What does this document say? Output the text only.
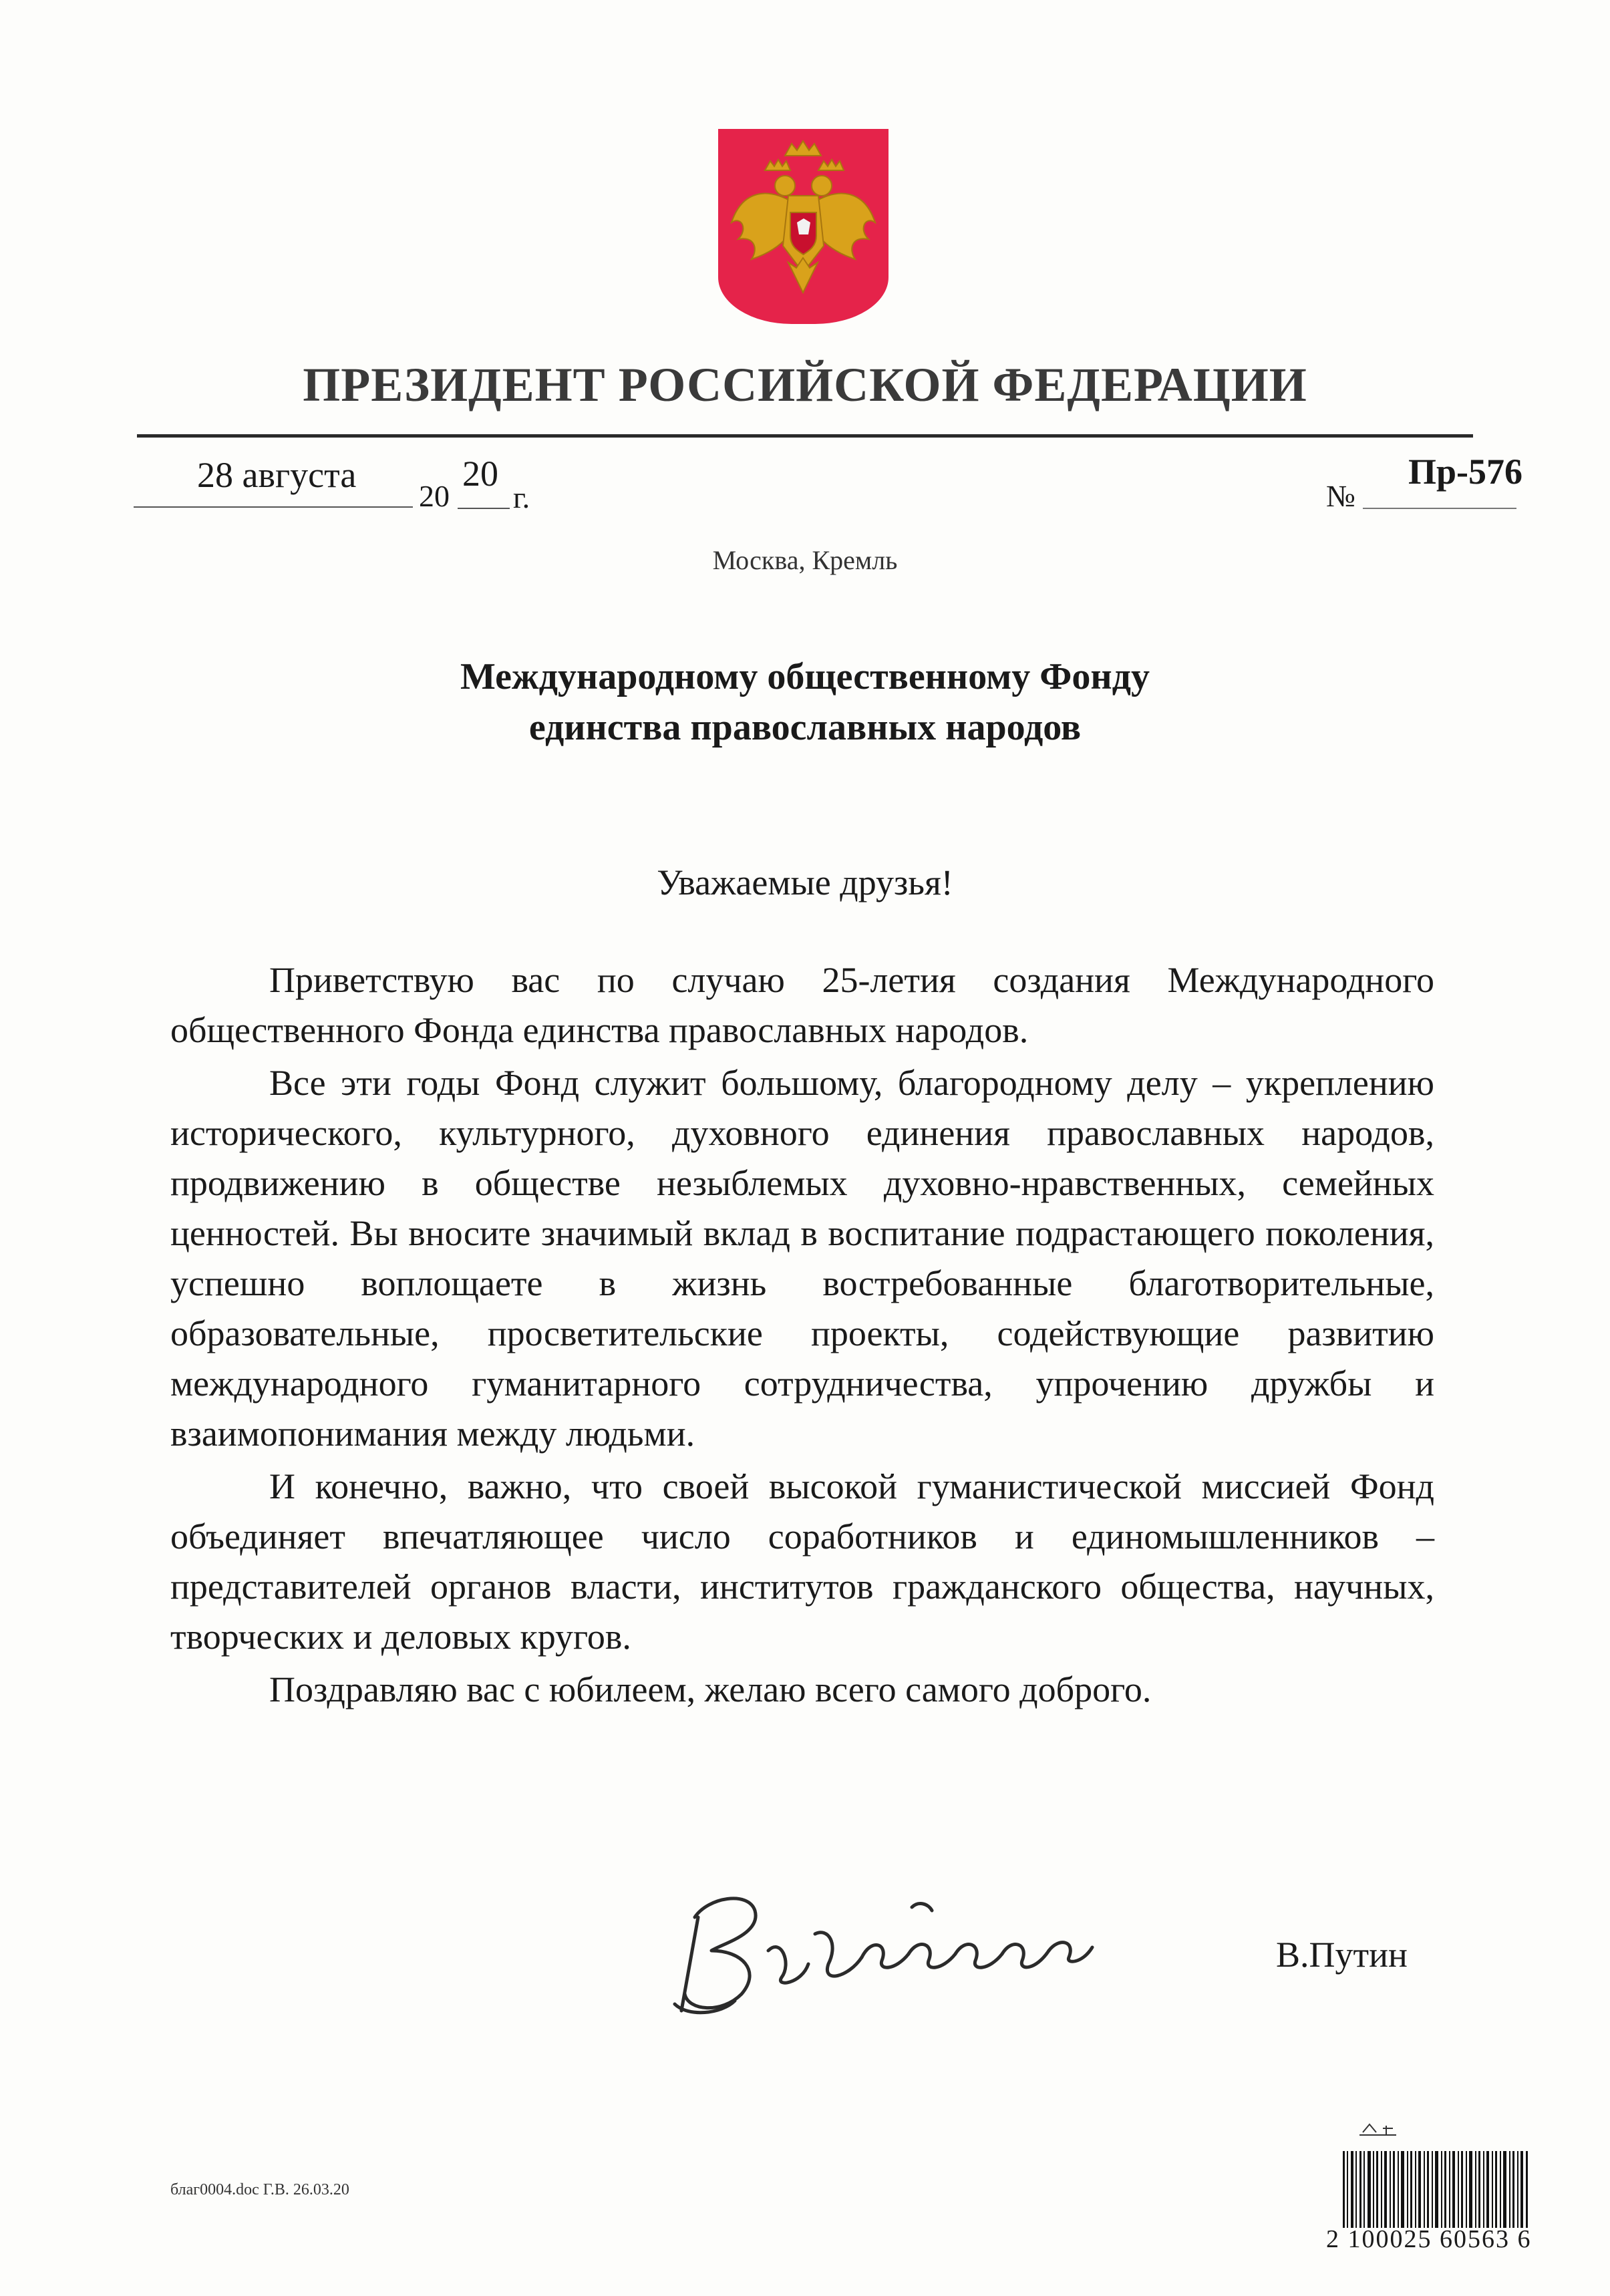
ПРЕЗИДЕНТ РОССИЙСКОЙ ФЕДЕРАЦИИ
28 августа
20
20
г.	№
Пр-576
Москва, Кремль
Международному общественному Фонду
единства православных народов
Уважаемые друзья!

Приветствую вас по случаю 25-летия создания Международного общественного Фонда единства православных народов.

Все эти годы Фонд служит большому, благородному делу – укреплению исторического, культурного, духовного единения православных народов, продвижению в обществе незыблемых духовно-нравственных, семейных ценностей. Вы вносите значимый вклад в воспитание подрастающего поколения, успешно воплощаете в жизнь востребованные благотворительные, образовательные, просветительские проекты, содействующие развитию международного гуманитарного сотрудничества, упрочению дружбы и взаимопонимания между людьми.

И конечно, важно, что своей высокой гуманистической миссией Фонд объединяет впечатляющее число соработников и единомышленников – представителей органов власти, институтов гражданского общества, научных, творческих и деловых кругов.

Поздравляю вас с юбилеем, желаю всего самого доброго.

В.Путин
благ0004.doc Г.В. 26.03.20
2 100025 60563 6
